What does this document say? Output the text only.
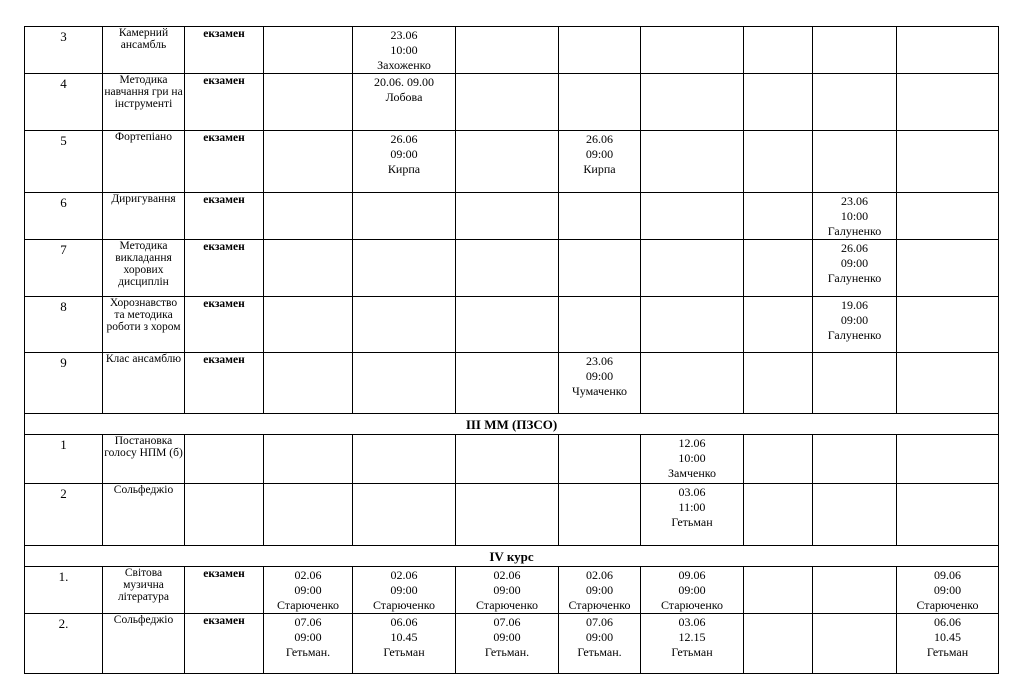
3	Камерний ансамбль	екзамен		23.06
10:00
Захоженко						

4	Методика навчання гри на інструменті	екзамен		20.06. 09.00
Лобова						

5	Фортепіано	екзамен		26.06
09:00
Кирпа		26.06
09:00
Кирпа				

6	Диригування	екзамен							23.06
10:00
Галуненко	

7	Методика викладання хорових дисциплін	екзамен							26.06
09:00
Галуненко	

8	Хорознавство та методика роботи з хором	екзамен							19.06
09:00
Галуненко	

9	Клас ансамблю	екзамен				23.06
09:00
Чумаченко				

III ММ (ПЗСО)										
1	Постановка голосу НПМ (б)						12.06
10:00
Замченко			

2	Сольфеджіо						03.06
11:00
Гетьман			

IV курс										
1.	Світова музична література	екзамен	02.06
09:00
Старюченко	02.06
09:00
Старюченко	02.06
09:00
Старюченко	02.06
09:00
Старюченко	09.06
09:00
Старюченко			09.06
09:00
Старюченко

2.	Сольфеджіо	екзамен	07.06
09:00
Гетьман.	06.06
10.45
Гетьман	07.06
09:00
Гетьман.	07.06
09:00
Гетьман.	03.06
12.15
Гетьман			06.06
10.45
Гетьман
